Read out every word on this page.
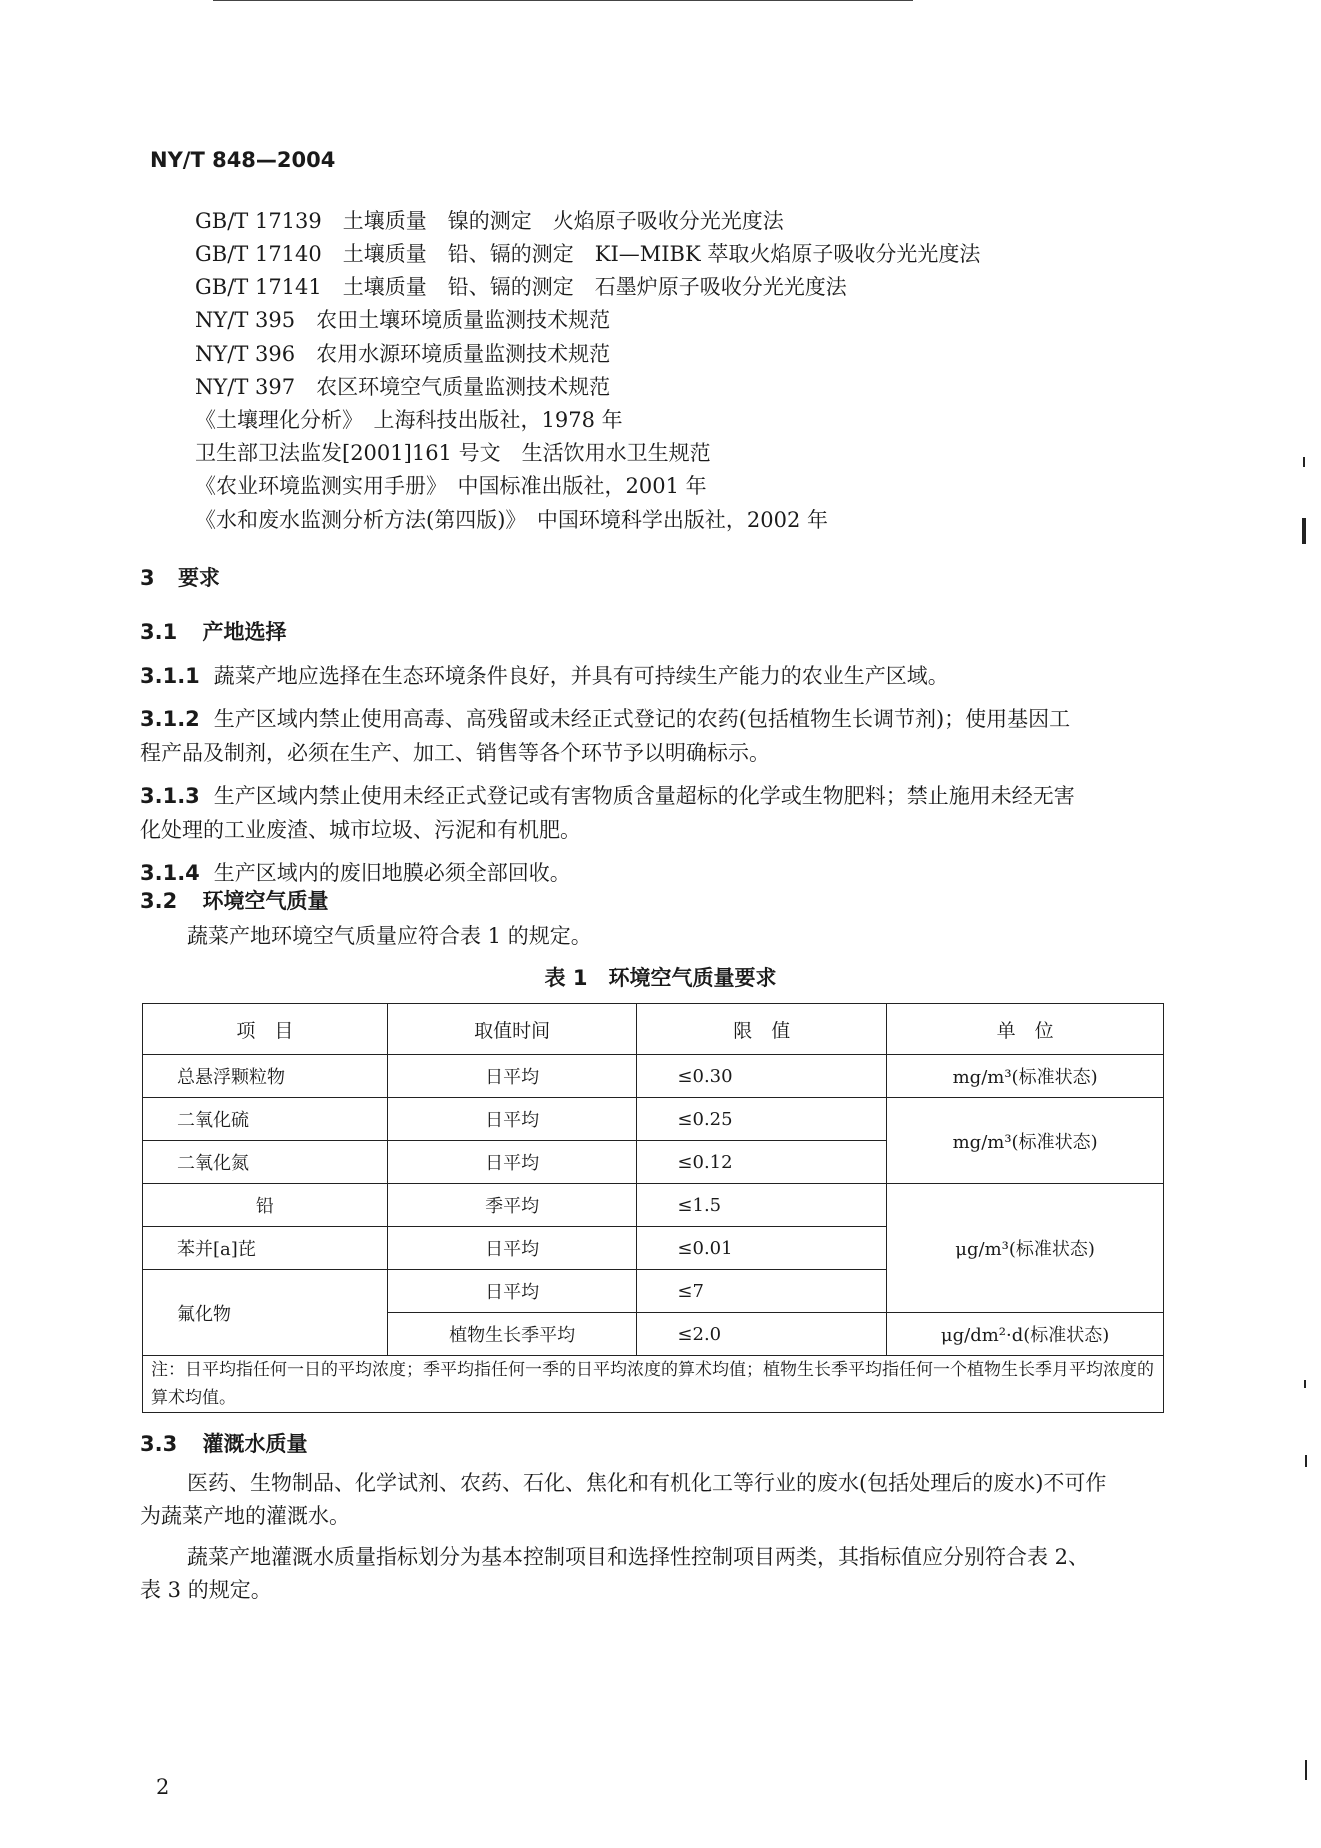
NY/T 848—2004
GB/T 17139　土壤质量　镍的测定　火焰原子吸收分光光度法
GB/T 17140　土壤质量　铅、镉的测定　KI—MIBK 萃取火焰原子吸收分光光度法
GB/T 17141　土壤质量　铅、镉的测定　石墨炉原子吸收分光光度法
NY/T 395　农田土壤环境质量监测技术规范
NY/T 396　农用水源环境质量监测技术规范
NY/T 397　农区环境空气质量监测技术规范
《土壤理化分析》　上海科技出版社，1978 年
卫生部卫法监发[2001]161 号文　生活饮用水卫生规范
《农业环境监测实用手册》　中国标准出版社，2001 年
《水和废水监测分析方法(第四版)》　中国环境科学出版社，2002 年
3 要求
3.1 产地选择
3.1.1 蔬菜产地应选择在生态环境条件良好，并具有可持续生产能力的农业生产区域。
3.1.2 生产区域内禁止使用高毒、高残留或未经正式登记的农药(包括植物生长调节剂)；使用基因工
程产品及制剂，必须在生产、加工、销售等各个环节予以明确标示。
3.1.3 生产区域内禁止使用未经正式登记或有害物质含量超标的化学或生物肥料；禁止施用未经无害
化处理的工业废渣、城市垃圾、污泥和有机肥。
3.1.4 生产区域内的废旧地膜必须全部回收。
3.2 环境空气质量
蔬菜产地环境空气质量应符合表 1 的规定。
表 1　环境空气质量要求
项　目	取值时间	限　值	单　位
总悬浮颗粒物	日平均	≤0.30	mg/m³(标准状态)
二氧化硫	日平均	≤0.25	mg/m³(标准状态)
二氧化氮	日平均	≤0.12	
铅	季平均	≤1.5	μg/m³(标准状态)
苯并[a]芘	日平均	≤0.01	
氟化物	日平均	≤7	
	植物生长季平均	≤2.0	μg/dm²·d(标准状态)
注：日平均指任何一日的平均浓度；季平均指任何一季的日平均浓度的算术均值；植物生长季平均指任何一个植物生长季月平均浓度的算术均值。			
3.3 灌溉水质量
医药、生物制品、化学试剂、农药、石化、焦化和有机化工等行业的废水(包括处理后的废水)不可作
为蔬菜产地的灌溉水。
蔬菜产地灌溉水质量指标划分为基本控制项目和选择性控制项目两类，其指标值应分别符合表 2、
表 3 的规定。
2
